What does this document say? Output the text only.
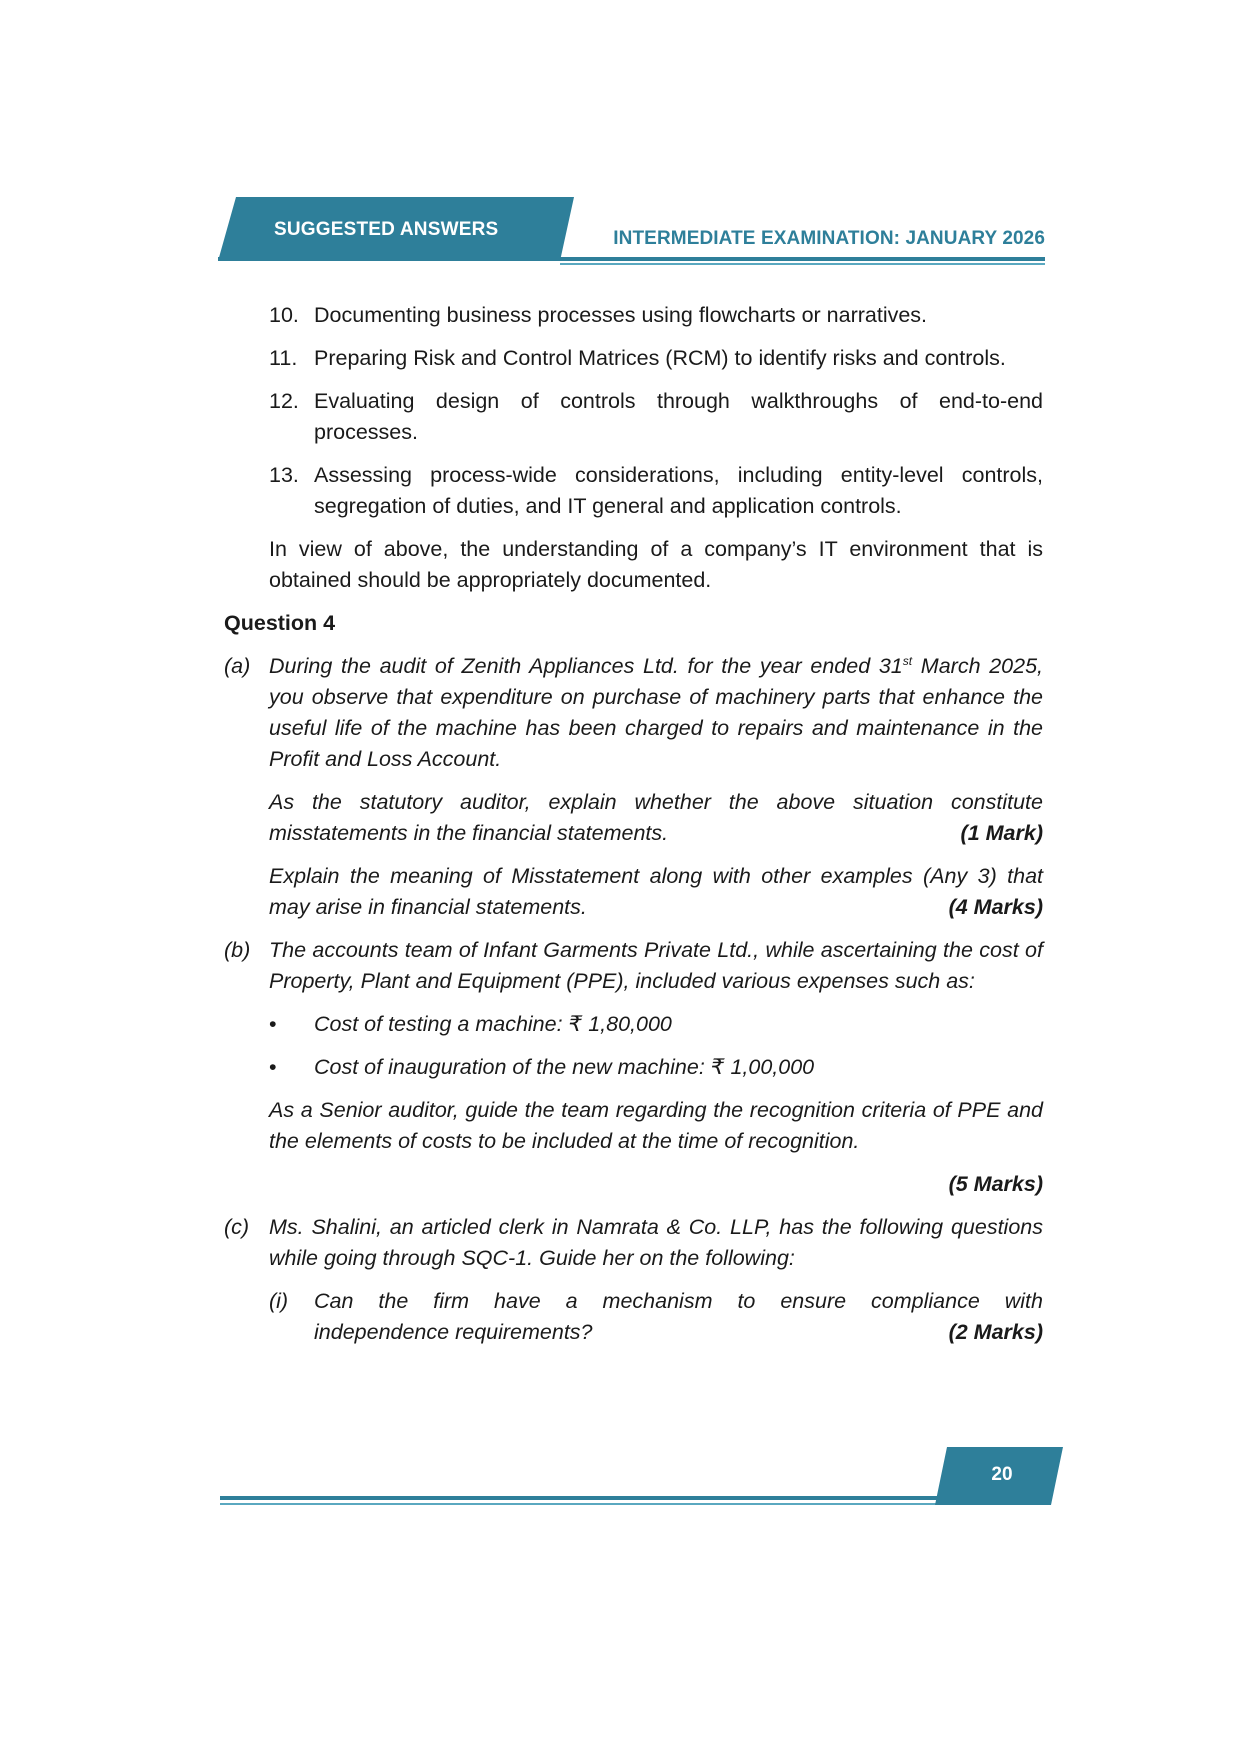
SUGGESTED ANSWERS	INTERMEDIATE EXAMINATION: JANUARY 2026
10. Documenting business processes using flowcharts or narratives.
11. Preparing Risk and Control Matrices (RCM) to identify risks and controls.
12. Evaluating design of controls through walkthroughs of end-to-end processes.
13. Assessing process-wide considerations, including entity-level controls, segregation of duties, and IT general and application controls.

In view of above, the understanding of a company’s IT environment that is obtained should be appropriately documented.

Question 4
(a) During the audit of Zenith Appliances Ltd. for the year ended 31st March 2025, you observe that expenditure on purchase of machinery parts that enhance the useful life of the machine has been charged to repairs and maintenance in the Profit and Loss Account.
As the statutory auditor, explain whether the above situation constitute
misstatements in the financial statements.	(1 Mark)
Explain the meaning of Misstatement along with other examples (Any 3) that
may arise in financial statements.	(4 Marks)
(b) The accounts team of Infant Garments Private Ltd., while ascertaining the cost of Property, Plant and Equipment (PPE), included various expenses such as:
•	Cost of testing a machine: ₹ 1,80,000
•	Cost of inauguration of the new machine: ₹ 1,00,000

As a Senior auditor, guide the team regarding the recognition criteria of PPE and the elements of costs to be included at the time of recognition.

(5 Marks)
(c) Ms. Shalini, an articled clerk in Namrata & Co. LLP, has the following questions while going through SQC-1. Guide her on the following:
(i)	Can the firm have a mechanism to ensure compliance with
independence requirements?	(2 Marks)
20
